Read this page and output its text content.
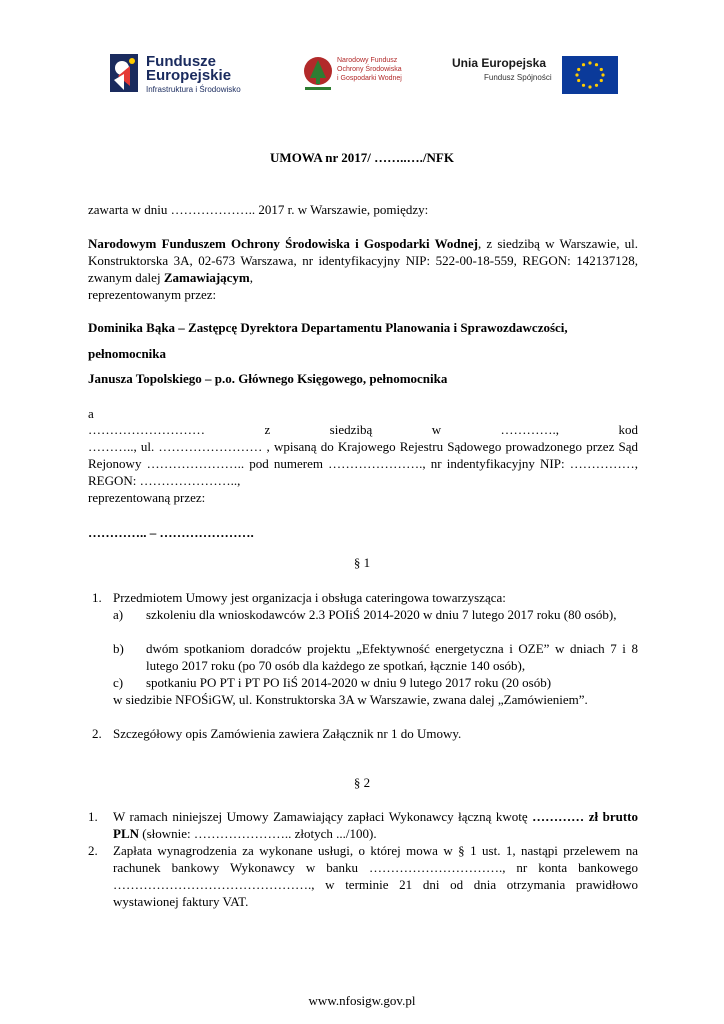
Fundusze
Europejskie
Infrastruktura i Środowisko
Narodowy Fundusz
Ochrony Środowiska
i Gospodarki Wodnej
Unia Europejska
Fundusz Spójności
UMOWA nr 2017/ ……..…./NFK
zawarta w dniu ……………….. 2017 r. w Warszawie, pomiędzy:
Narodowym Funduszem Ochrony Środowiska i Gospodarki Wodnej, z siedzibą w Warszawie, ul. Konstruktorska 3A, 02-673 Warszawa, nr identyfikacyjny NIP: 522-00-18-559, REGON: 142137128, zwanym dalej Zamawiającym,
reprezentowanym przez:
Dominika Bąka – Zastępcę Dyrektora Departamentu Planowania i Sprawozdawczości,
pełnomocnika
Janusza Topolskiego – p.o. Głównego Księgowego, pełnomocnika
a
……………………… z siedzibą w …………., kod
……….., ul. …………………… , wpisaną do Krajowego Rejestru Sądowego prowadzonego przez Sąd Rejonowy ………………….. pod numerem …………………., nr indentyfikacyjny NIP: ……………, REGON: …………………..,
reprezentowaną przez:
………….. – ………………….
§ 1
1. Przedmiotem Umowy jest organizacja i obsługa cateringowa towarzysząca:
a) szkoleniu dla wnioskodawców 2.3 POIiŚ 2014-2020 w dniu 7 lutego 2017 roku (80 osób),
b) dwóm spotkaniom doradców projektu „Efektywność energetyczna i OZE” w dniach 7 i 8 lutego 2017 roku (po 70 osób dla każdego ze spotkań, łącznie 140 osób),
c) spotkaniu PO PT i PT PO IiŚ 2014-2020 w dniu 9 lutego 2017 roku (20 osób)
w siedzibie NFOŚiGW, ul. Konstruktorska 3A w Warszawie, zwana dalej „Zamówieniem”.
2. Szczegółowy opis Zamówienia zawiera Załącznik nr 1 do Umowy.
§ 2
1. W ramach niniejszej Umowy Zamawiający zapłaci Wykonawcy łączną kwotę ………… zł brutto PLN (słownie: ………………….. złotych .../100).
2. Zapłata wynagrodzenia za wykonane usługi, o której mowa w § 1 ust. 1, nastąpi przelewem na rachunek bankowy Wykonawcy w banku …………………………., nr konta bankowego ………………………………………., w terminie 21 dni od dnia otrzymania prawidłowo wystawionej faktury VAT.
www.nfosigw.gov.pl
